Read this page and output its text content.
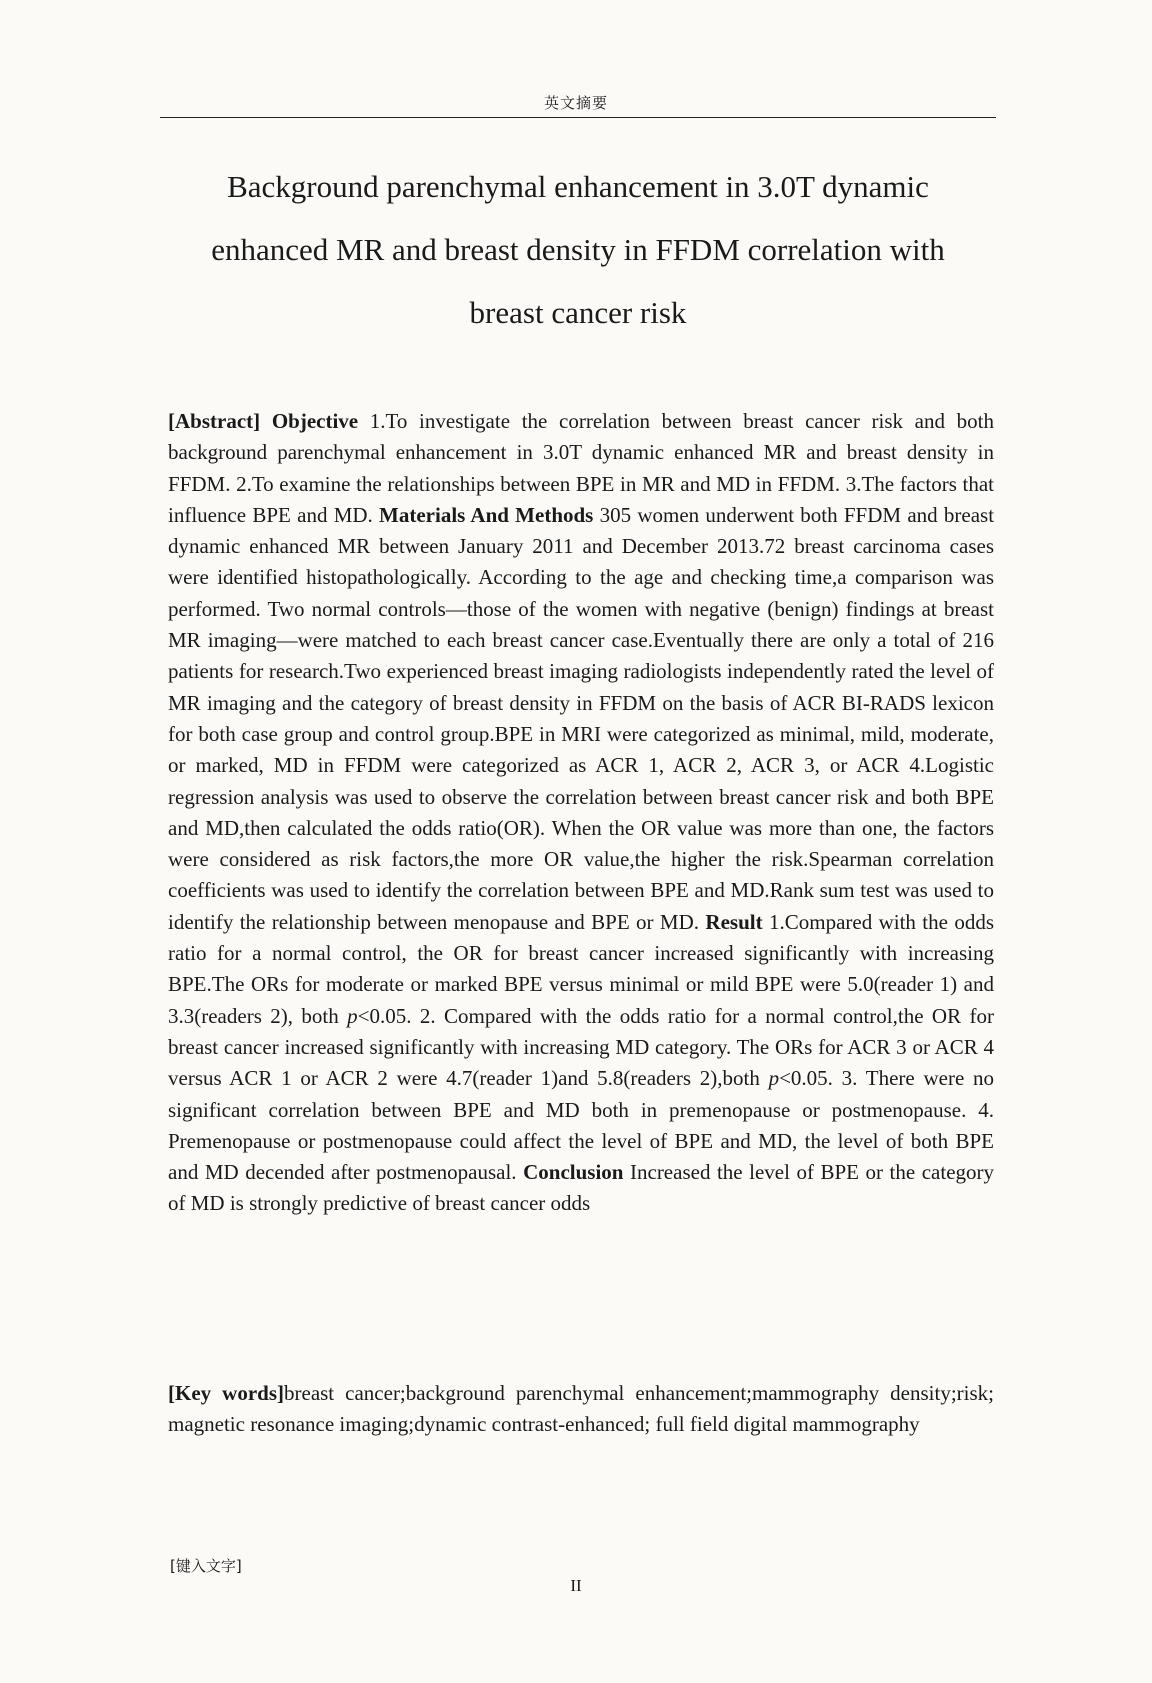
英文摘要
Background parenchymal enhancement in 3.0T dynamic
enhanced MR and breast density in FFDM correlation with
breast cancer risk

[Abstract] Objective 1.To investigate the correlation between breast cancer risk and both background parenchymal enhancement in 3.0T dynamic enhanced MR and breast density in FFDM. 2.To examine the relationships between BPE in MR and MD in FFDM. 3.The factors that influence BPE and MD. Materials And Methods 305 women underwent both FFDM and breast dynamic enhanced MR between January 2011 and December 2013.72 breast carcinoma cases were identified histopathologically. According to the age and checking time,a comparison was performed. Two normal controls—those of the women with negative (benign) findings at breast MR imaging—were matched to each breast cancer case.Eventually there are only a total of 216 patients for research.Two experienced breast imaging radiologists independently rated the level of MR imaging and the category of breast density in FFDM on the basis of ACR BI-RADS lexicon for both case group and control group.BPE in MRI were categorized as minimal, mild, moderate, or marked, MD in FFDM were categorized as ACR 1, ACR 2, ACR 3, or ACR 4.Logistic regression analysis was used to observe the correlation between breast cancer risk and both BPE and MD,then calculated the odds ratio(OR). When the OR value was more than one, the factors were considered as risk factors,the more OR value,the higher the risk.Spearman correlation coefficients was used to identify the correlation between BPE and MD.Rank sum test was used to identify the relationship between menopause and BPE or MD. Result 1.Compared with the odds ratio for a normal control, the OR for breast cancer increased significantly with increasing BPE.The ORs for moderate or marked BPE versus minimal or mild BPE were 5.0(reader 1) and 3.3(readers 2), both p<0.05. 2. Compared with the odds ratio for a normal control,the OR for breast cancer increased significantly with increasing MD category. The ORs for ACR 3 or ACR 4 versus ACR 1 or ACR 2 were 4.7(reader 1)and 5.8(readers 2),both p<0.05. 3. There were no significant correlation between BPE and MD both in premenopause or postmenopause. 4. Premenopause or postmenopause could affect the level of BPE and MD, the level of both BPE and MD decended after postmenopausal. Conclusion Increased the level of BPE or the category of MD is strongly predictive of breast cancer odds

[Key words]breast cancer;background parenchymal enhancement;mammography density;risk; magnetic resonance imaging;dynamic contrast-enhanced; full field digital mammography

[键入文字]
II
